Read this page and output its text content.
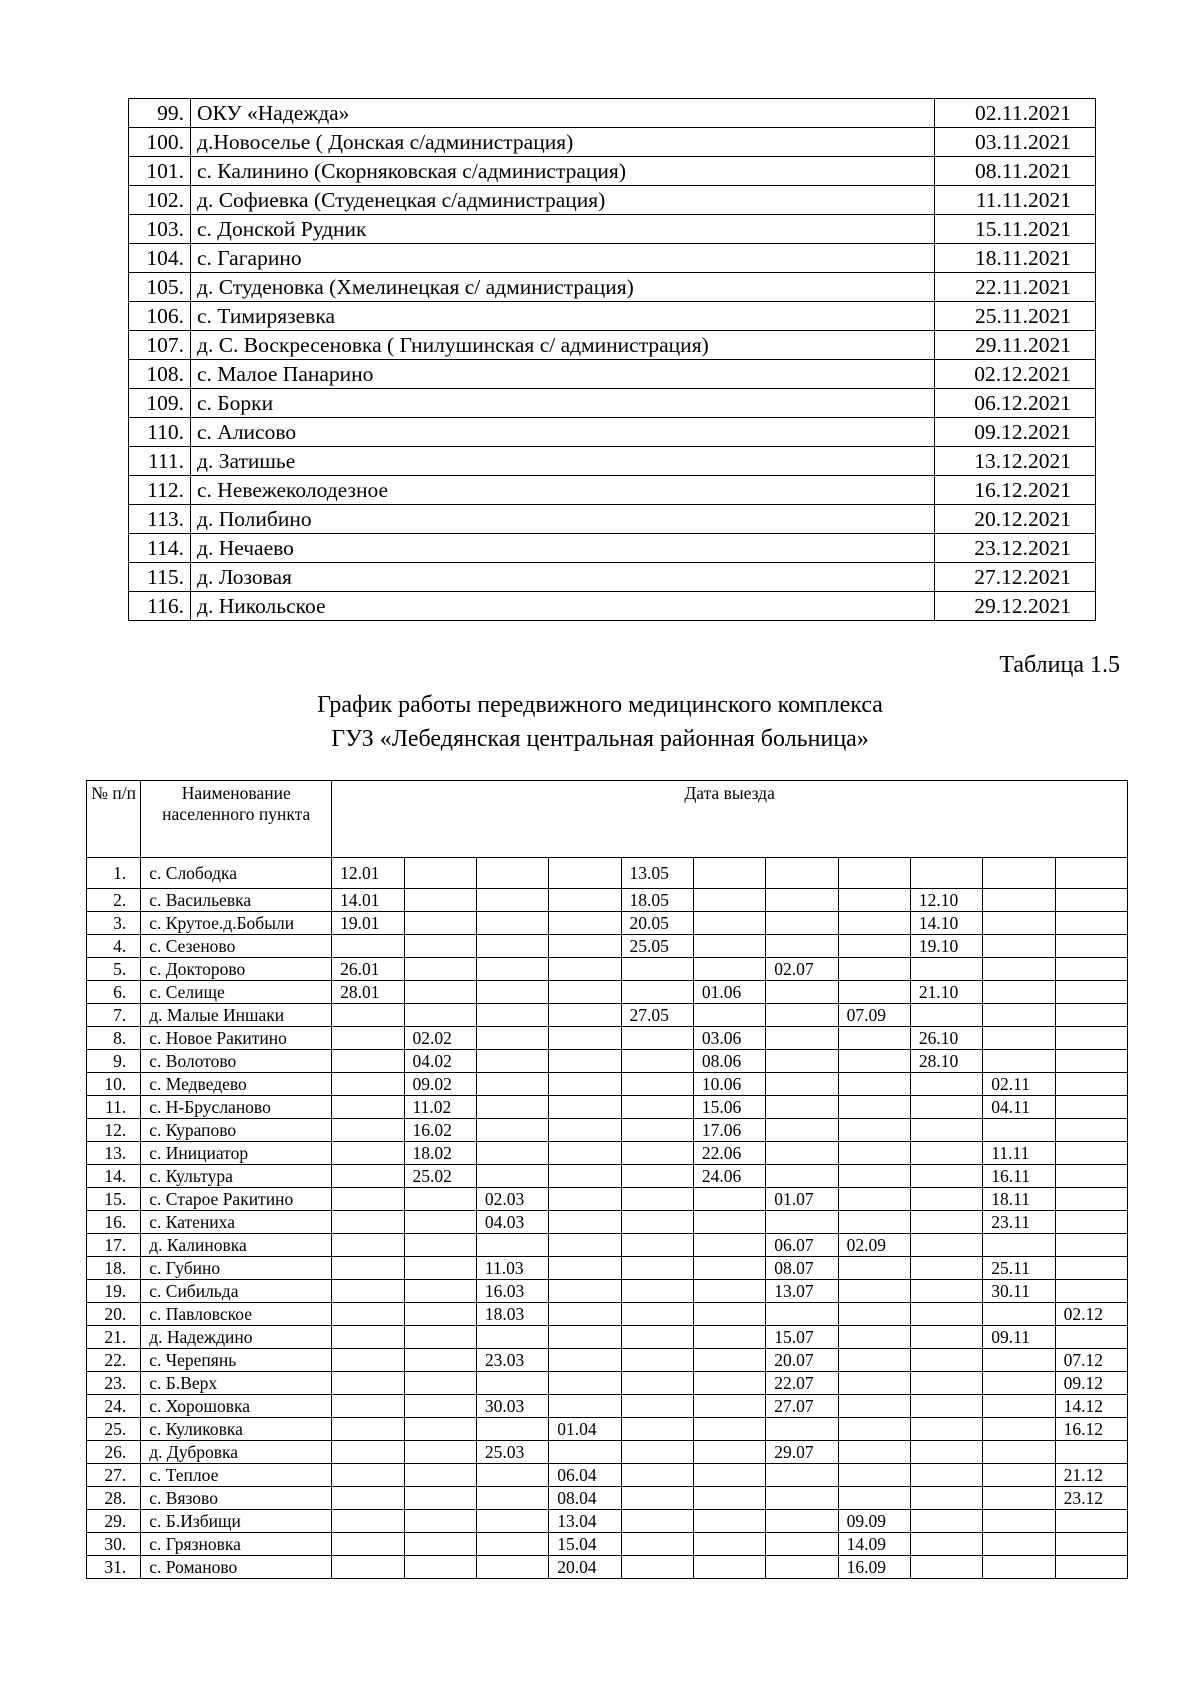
99.	ОКУ «Надежда»	02.11.2021
100.	д.Новоселье ( Донская с/администрация)	03.11.2021
101.	с. Калинино (Скорняковская с/администрация)	08.11.2021
102.	д. Софиевка (Студенецкая с/администрация)	11.11.2021
103.	с. Донской Рудник	15.11.2021
104.	с. Гагарино	18.11.2021
105.	д. Студеновка (Хмелинецкая с/ администрация)	22.11.2021
106.	с. Тимирязевка	25.11.2021
107.	д. С. Воскресеновка ( Гнилушинская с/ администрация)	29.11.2021
108.	с. Малое Панарино	02.12.2021
109.	с. Борки	06.12.2021
110.	с. Алисово	09.12.2021
111.	д. Затишье	13.12.2021
112.	с. Невежеколодезное	16.12.2021
113.	д. Полибино	20.12.2021
114.	д. Нечаево	23.12.2021
115.	д. Лозовая	27.12.2021
116.	д. Никольское	29.12.2021
Таблица 1.5
График работы передвижного медицинского комплекса
ГУЗ «Лебедянская центральная районная больница»
№ п/п	Наименование населенного пункта	Дата выезда										
1.	с. Слободка	12.01				13.05						
2.	с. Васильевка	14.01				18.05				12.10		
3.	с. Крутое.д.Бобыли	19.01				20.05				14.10		
4.	с. Сезеново					25.05				19.10		
5.	с. Докторово	26.01						02.07				
6.	с. Селище	28.01					01.06			21.10		
7.	д. Малые Иншаки					27.05			07.09			
8.	с. Новое Ракитино		02.02				03.06			26.10		
9.	с. Волотово		04.02				08.06			28.10		
10.	с. Медведево		09.02				10.06				02.11	
11.	с. Н-Брусланово		11.02				15.06				04.11	
12.	с. Курапово		16.02				17.06					
13.	с. Инициатор		18.02				22.06				11.11	
14.	с. Культура		25.02				24.06				16.11	
15.	с. Старое Ракитино			02.03				01.07			18.11	
16.	с. Катениха			04.03							23.11	
17.	д. Калиновка							06.07	02.09			
18.	с. Губино			11.03				08.07			25.11	
19.	с. Сибильда			16.03				13.07			30.11	
20.	с. Павловское			18.03								02.12
21.	д. Надеждино							15.07			09.11	
22.	с. Черепянь			23.03				20.07				07.12
23.	с. Б.Верх							22.07				09.12
24.	с. Хорошовка			30.03				27.07				14.12
25.	с. Куликовка				01.04							16.12
26.	д. Дубровка			25.03				29.07				
27.	с. Теплое				06.04							21.12
28.	с. Вязово				08.04							23.12
29.	с. Б.Избищи				13.04				09.09			
30.	с. Грязновка				15.04				14.09			
31.	с. Романово				20.04				16.09			
